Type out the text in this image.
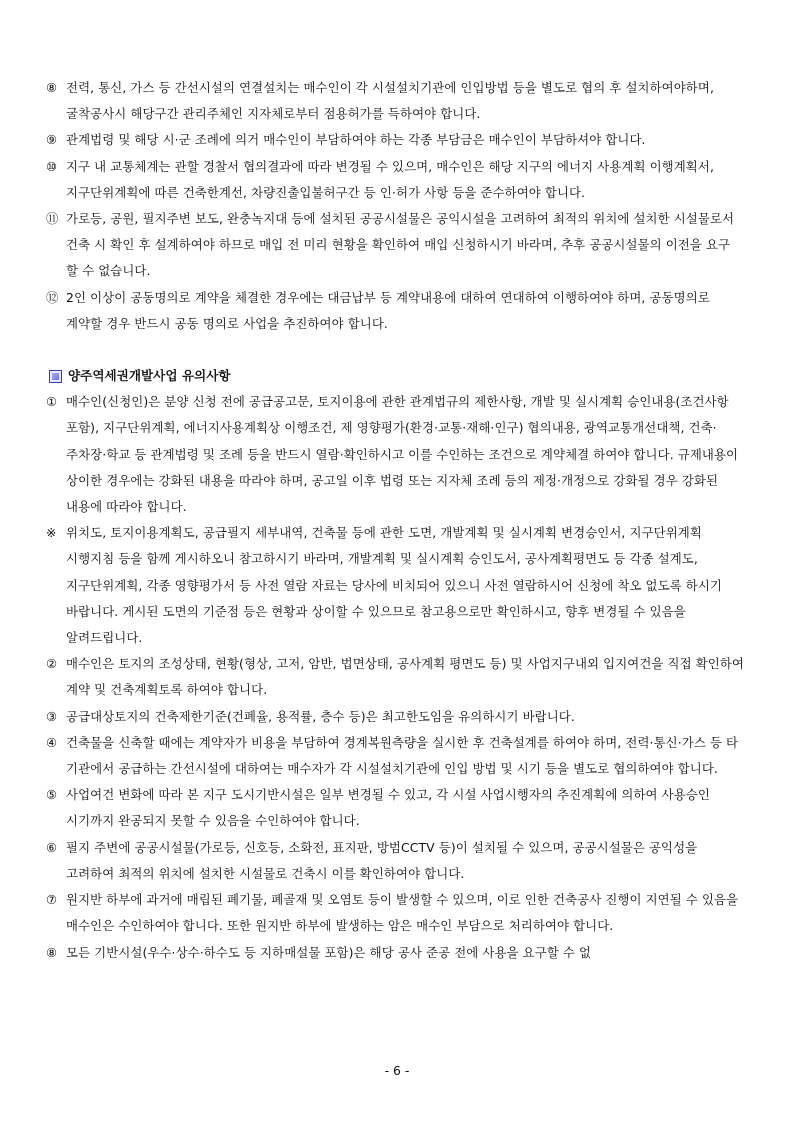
⑧ 전력, 통신, 가스 등 간선시설의 연결설치는 매수인이 각 시설설치기관에 인입방법 등을 별도로 협의 후 설치하여야하며, 굴착공사시 해당구간 관리주체인 지자체로부터 점용허가를 득하여야 합니다.
⑨ 관계법령 및 해당 시·군 조례에 의거 매수인이 부담하여야 하는 각종 부담금은 매수인이 부담하셔야 합니다.
⑩ 지구 내 교통체계는 관할 경찰서 협의결과에 따라 변경될 수 있으며, 매수인은 해당 지구의 에너지 사용계획 이행계획서, 지구단위계획에 따른 건축한계선, 차량진출입불허구간 등 인·허가 사항 등을 준수하여야 합니다.
⑪ 가로등, 공원, 필지주변 보도, 완충녹지대 등에 설치된 공공시설물은 공익시설을 고려하여 최적의 위치에 설치한 시설물로서 건축 시 확인 후 설계하여야 하므로 매입 전 미리 현황을 확인하여 매입 신청하시기 바라며, 추후 공공시설물의 이전을 요구 할 수 없습니다.
⑫ 2인 이상이 공동명의로 계약을 체결한 경우에는 대금납부 등 계약내용에 대하여 연대하여 이행하여야 하며, 공동명의로 계약할 경우 반드시 공동 명의로 사업을 추진하여야 합니다.
양주역세권개발사업 유의사항
① 매수인(신청인)은 분양 신청 전에 공급공고문, 토지이용에 관한 관계법규의 제한사항, 개발 및 실시계획 승인내용(조건사항 포함), 지구단위계획, 에너지사용계획상 이행조건, 제 영향평가(환경·교통·재해·인구) 협의내용, 광역교통개선대책, 건축·주차장·학교 등 관계법령 및 조례 등을 반드시 열람·확인하시고 이를 수인하는 조건으로 계약체결 하여야 합니다. 규제내용이 상이한 경우에는 강화된 내용을 따라야 하며, 공고일 이후 법령 또는 지자체 조례 등의 제정·개정으로 강화될 경우 강화된 내용에 따라야 합니다.
※ 위치도, 토지이용계획도, 공급필지 세부내역, 건축물 등에 관한 도면, 개발계획 및 실시계획 변경승인서, 지구단위계획 시행지침 등을 함께 게시하오니 참고하시기 바라며, 개발계획 및 실시계획 승인도서, 공사계획평면도 등 각종 설계도, 지구단위계획, 각종 영향평가서 등 사전 열람 자료는 당사에 비치되어 있으니 사전 열람하시어 신청에 착오 없도록 하시기 바랍니다. 게시된 도면의 기준점 등은 현황과 상이할 수 있으므로 참고용으로만 확인하시고, 향후 변경될 수 있음을 알려드립니다.
② 매수인은 토지의 조성상태, 현황(형상, 고저, 암반, 법면상태, 공사계획 평면도 등) 및 사업지구내외 입지여건을 직접 확인하여 계약 및 건축계획토록 하여야 합니다.
③ 공급대상토지의 건축제한기준(건폐율, 용적률, 층수 등)은 최고한도임을 유의하시기 바랍니다.
④ 건축물을 신축할 때에는 계약자가 비용을 부담하여 경계복원측량을 실시한 후 건축설계를 하여야 하며, 전력·통신·가스 등 타 기관에서 공급하는 간선시설에 대하여는 매수자가 각 시설설치기관에 인입 방법 및 시기 등을 별도로 협의하여야 합니다.
⑤ 사업여건 변화에 따라 본 지구 도시기반시설은 일부 변경될 수 있고, 각 시설 사업시행자의 추진계획에 의하여 사용승인 시기까지 완공되지 못할 수 있음을 수인하여야 합니다.
⑥ 필지 주변에 공공시설물(가로등, 신호등, 소화전, 표지판, 방범CCTV 등)이 설치될 수 있으며, 공공시설물은 공익성을 고려하여 최적의 위치에 설치한 시설물로 건축시 이를 확인하여야 합니다.
⑦ 원지반 하부에 과거에 매립된 폐기물, 폐골재 및 오염토 등이 발생할 수 있으며, 이로 인한 건축공사 진행이 지연될 수 있음을 매수인은 수인하여야 합니다. 또한 원지반 하부에 발생하는 암은 매수인 부담으로 처리하여야 합니다.
⑧ 모든 기반시설(우수·상수·하수도 등 지하매설물 포함)은 해당 공사 준공 전에 사용을 요구할 수 없
- 6 -
